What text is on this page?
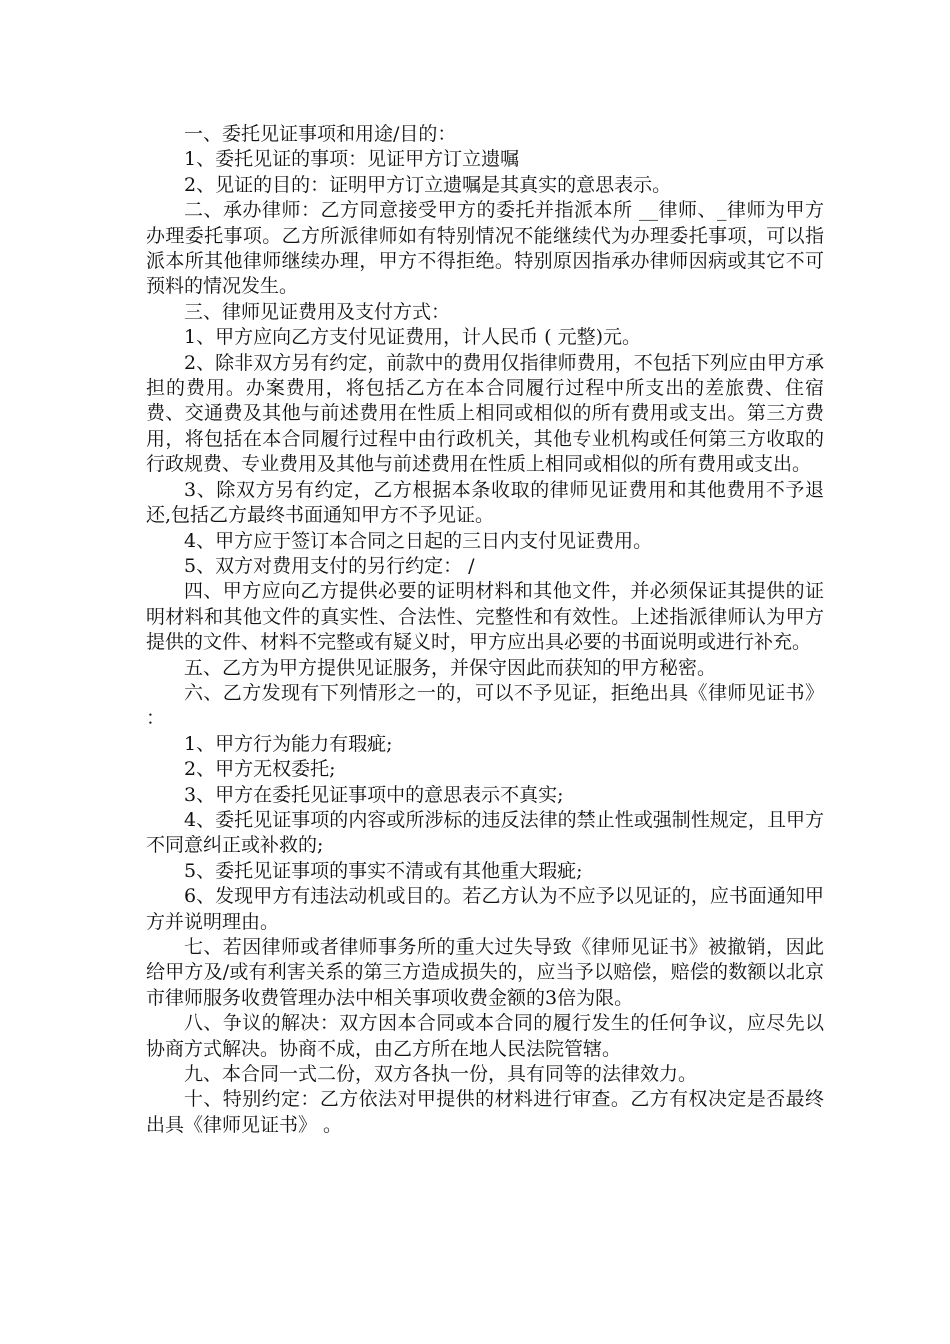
一、委托见证事项和用途/目的：

1、委托见证的事项：见证甲方订立遗嘱

2、见证的目的：证明甲方订立遗嘱是其真实的意思表示。

二、承办律师：乙方同意接受甲方的委托并指派本所 __律师、_律师为甲方办理委托事项。乙方所派律师如有特别情况不能继续代为办理委托事项，可以指派本所其他律师继续办理，甲方不得拒绝。特别原因指承办律师因病或其它不可预料的情况发生。

三、律师见证费用及支付方式：

1、甲方应向乙方支付见证费用，计人民币 ( 元整)元。

2、除非双方另有约定，前款中的费用仅指律师费用，不包括下列应由甲方承担的费用。办案费用，将包括乙方在本合同履行过程中所支出的差旅费、住宿费、交通费及其他与前述费用在性质上相同或相似的所有费用或支出。第三方费用，将包括在本合同履行过程中由行政机关，其他专业机构或任何第三方收取的行政规费、专业费用及其他与前述费用在性质上相同或相似的所有费用或支出。

3、除双方另有约定，乙方根据本条收取的律师见证费用和其他费用不予退还,包括乙方最终书面通知甲方不予见证。

4、甲方应于签订本合同之日起的三日内支付见证费用。

5、双方对费用支付的另行约定： /

四、甲方应向乙方提供必要的证明材料和其他文件，并必须保证其提供的证明材料和其他文件的真实性、合法性、完整性和有效性。上述指派律师认为甲方提供的文件、材料不完整或有疑义时，甲方应出具必要的书面说明或进行补充。

五、乙方为甲方提供见证服务，并保守因此而获知的甲方秘密。

六、乙方发现有下列情形之一的，可以不予见证，拒绝出具《律师见证书》 ：

1、甲方行为能力有瑕疵;

2、甲方无权委托;

3、甲方在委托见证事项中的意思表示不真实;

4、委托见证事项的内容或所涉标的违反法律的禁止性或强制性规定，且甲方不同意纠正或补救的;

5、委托见证事项的事实不清或有其他重大瑕疵;

6、发现甲方有违法动机或目的。若乙方认为不应予以见证的，应书面通知甲方并说明理由。

七、若因律师或者律师事务所的重大过失导致《律师见证书》被撤销，因此给甲方及/或有利害关系的第三方造成损失的，应当予以赔偿，赔偿的数额以北京市律师服务收费管理办法中相关事项收费金额的3倍为限。

八、争议的解决：双方因本合同或本合同的履行发生的任何争议，应尽先以协商方式解决。协商不成，由乙方所在地人民法院管辖。

九、本合同一式二份，双方各执一份，具有同等的法律效力。

十、特别约定：乙方依法对甲提供的材料进行审查。乙方有权决定是否最终出具《律师见证书》 。
